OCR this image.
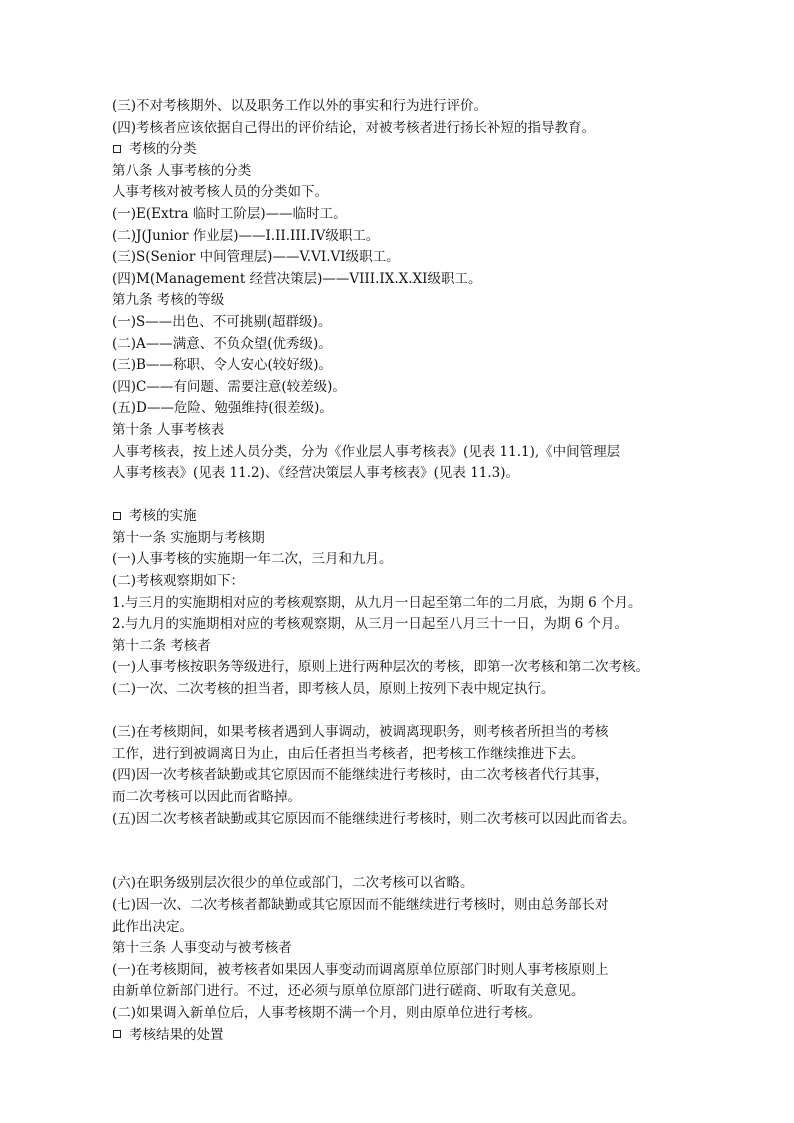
(三)不对考核期外、以及职务工作以外的事实和行为进行评价。
(四)考核者应该依据自己得出的评价结论，对被考核者进行扬长补短的指导教育。
考核的分类
第八条 人事考核的分类
人事考核对被考核人员的分类如下。
(一)E(Extra 临时工阶层)——临时工。
(二)J(Junior 作业层)——I.II.III.IV级职工。
(三)S(Senior 中间管理层)——V.VI.VI级职工。
(四)M(Management 经营决策层)——VIII.IX.X.XI级职工。
第九条 考核的等级
(一)S——出色、不可挑剔(超群级)。
(二)A——满意、不负众望(优秀级)。
(三)B——称职、令人安心(较好级)。
(四)C——有问题、需要注意(较差级)。
(五)D——危险、勉强维持(很差级)。
第十条 人事考核表
人事考核表，按上述人员分类，分为《作业层人事考核表》(见表 11.1),《中间管理层
人事考核表》(见表 11.2)、《经营决策层人事考核表》(见表 11.3)。
考核的实施
第十一条 实施期与考核期
(一)人事考核的实施期一年二次，三月和九月。
(二)考核观察期如下：
1.与三月的实施期相对应的考核观察期，从九月一日起至第二年的二月底，为期 6 个月。
2.与九月的实施期相对应的考核观察期，从三月一日起至八月三十一日，为期 6 个月。
第十二条 考核者
(一)人事考核按职务等级进行，原则上进行两种层次的考核，即第一次考核和第二次考核。
(二)一次、二次考核的担当者，即考核人员，原则上按列下表中规定执行。
(三)在考核期间，如果考核者遇到人事调动，被调离现职务，则考核者所担当的考核
工作，进行到被调离日为止，由后任者担当考核者，把考核工作继续推进下去。
(四)因一次考核者缺勤或其它原因而不能继续进行考核时，由二次考核者代行其事，
而二次考核可以因此而省略掉。
(五)因二次考核者缺勤或其它原因而不能继续进行考核时，则二次考核可以因此而省去。
(六)在职务级别层次很少的单位或部门，二次考核可以省略。
(七)因一次、二次考核者都缺勤或其它原因而不能继续进行考核时，则由总务部长对
此作出决定。
第十三条 人事变动与被考核者
(一)在考核期间，被考核者如果因人事变动而调离原单位原部门时则人事考核原则上
由新单位新部门进行。不过，还必须与原单位原部门进行磋商、听取有关意见。
(二)如果调入新单位后，人事考核期不满一个月，则由原单位进行考核。
考核结果的处置
